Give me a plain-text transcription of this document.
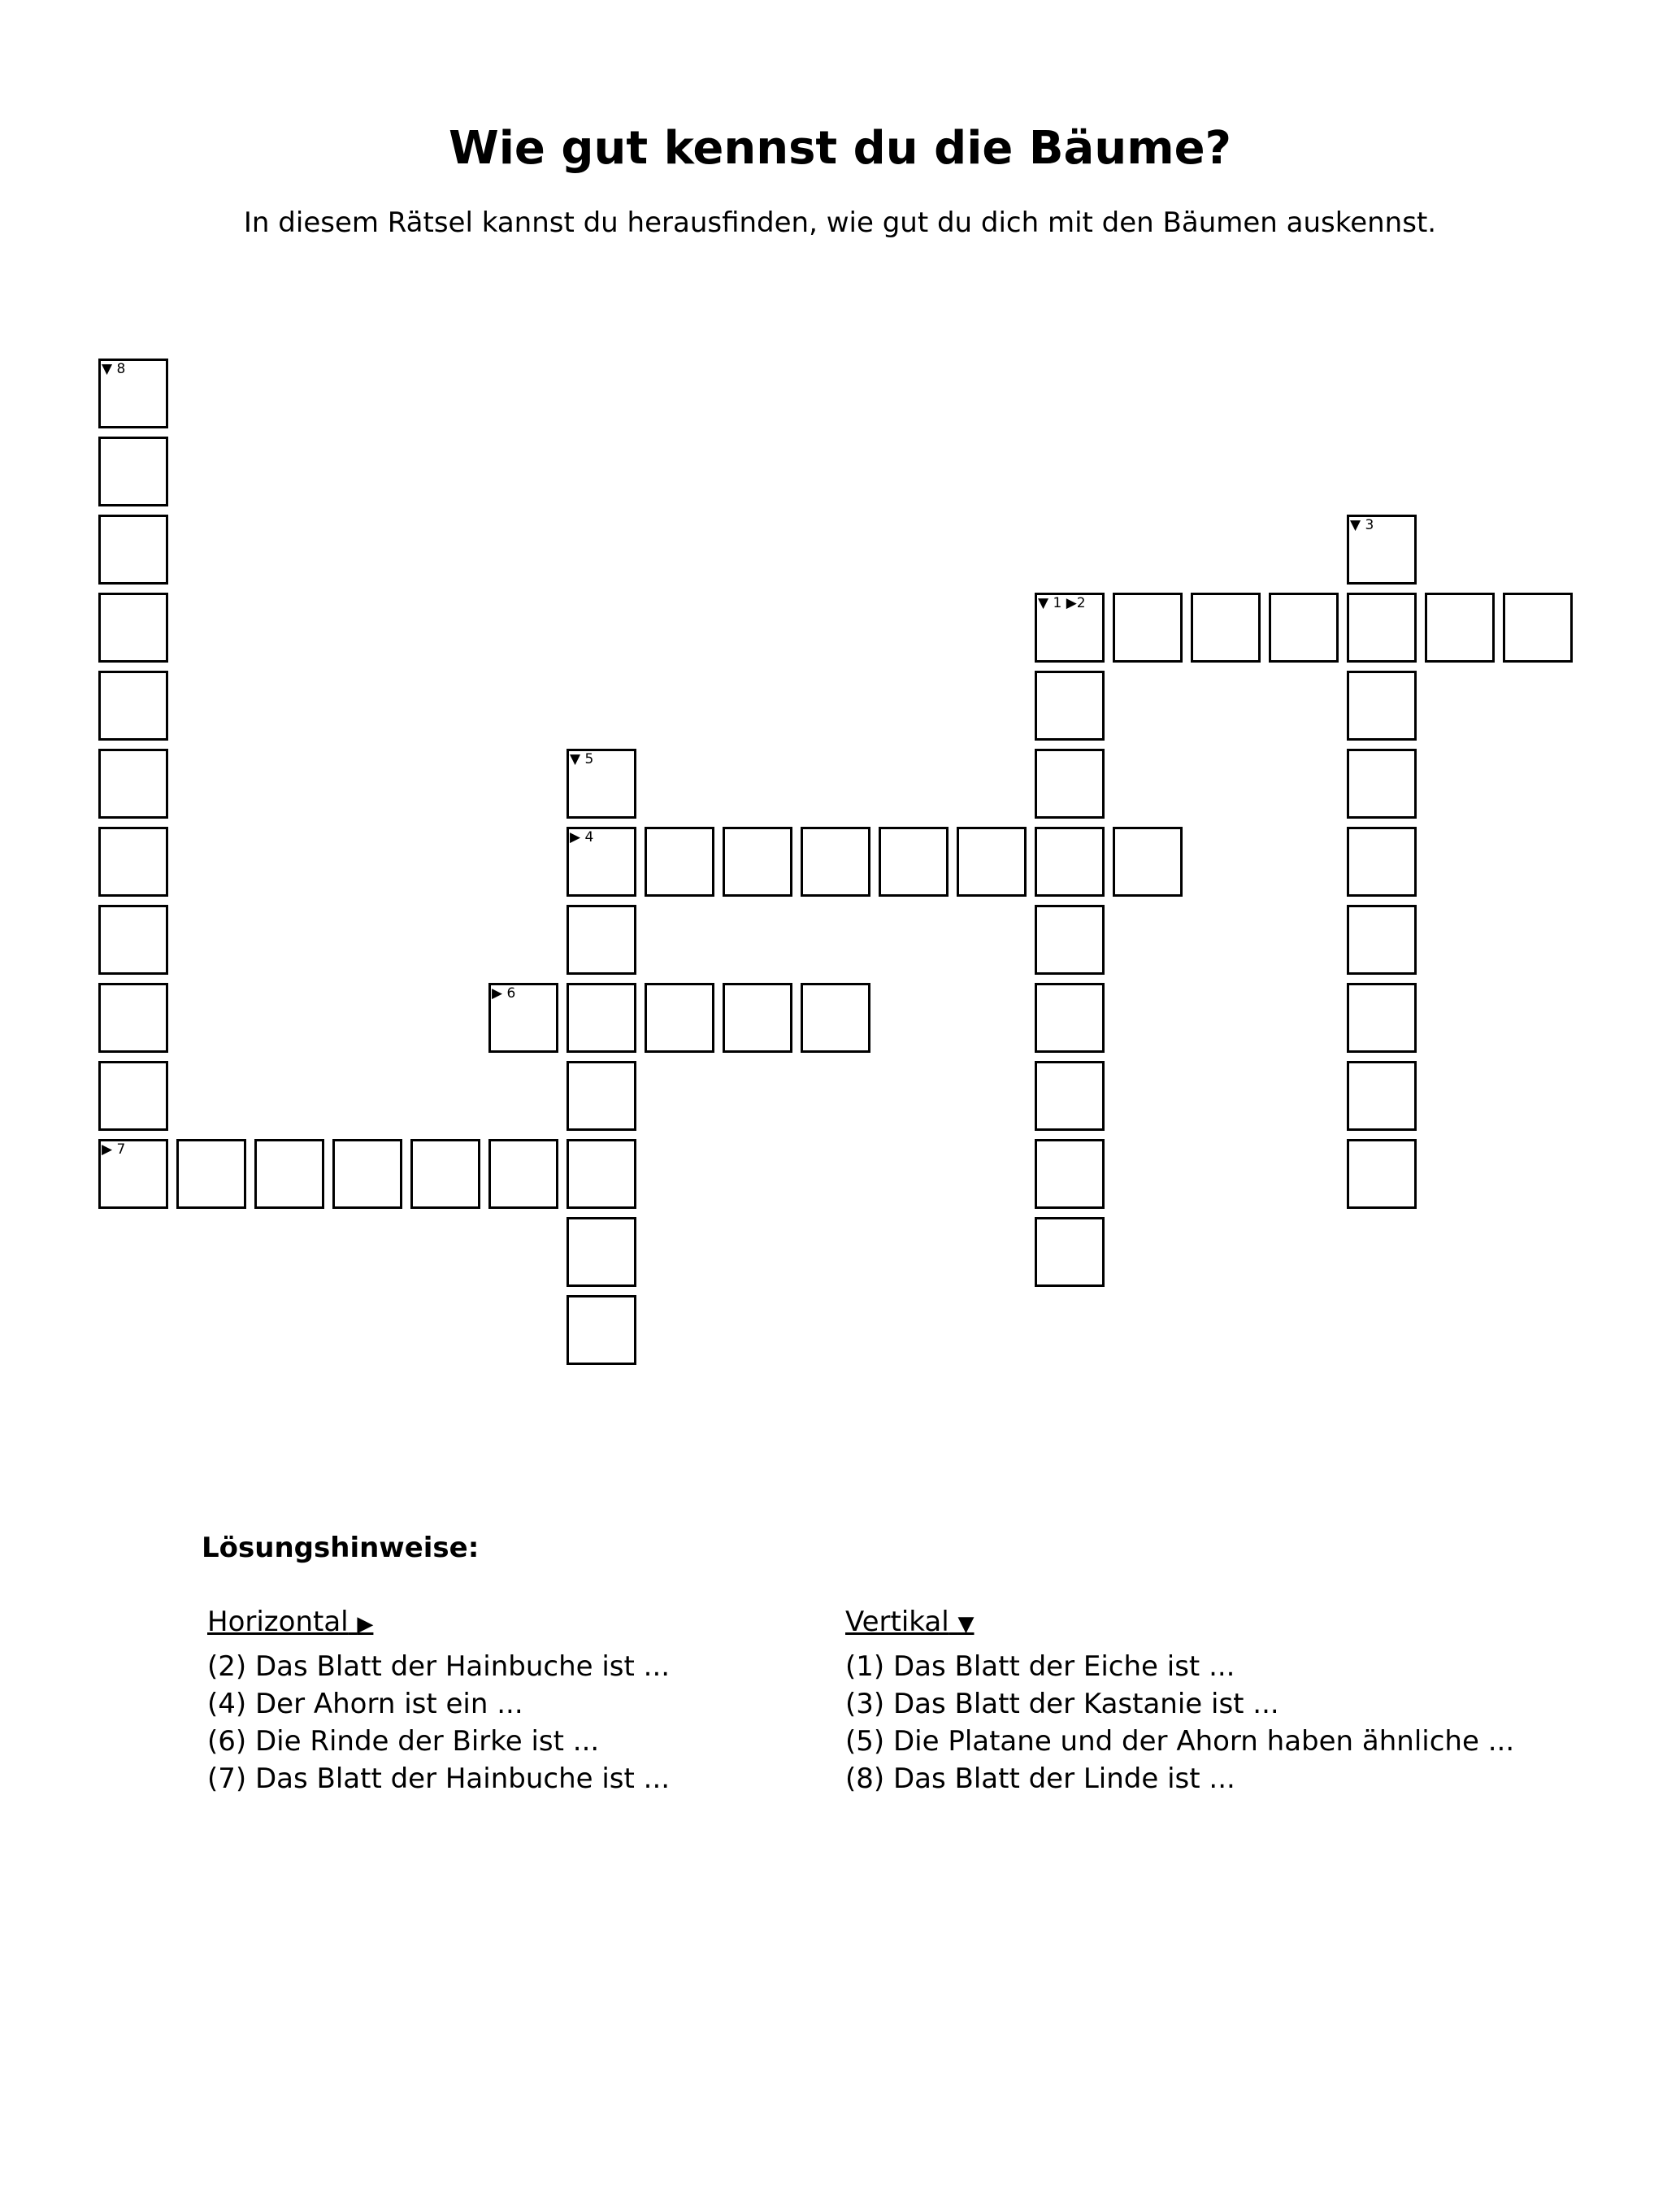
Wie gut kennst du die Bäume?
In diesem Rätsel kannst du herausfinden, wie gut du dich mit den Bäumen auskennst.
▼ 8
▶ 7
▼ 3
▼ 1 ▶2
▼ 5
▶ 4
▶ 6
Lösungshinweise:
Horizontal ▶
(2) Das Blatt der Hainbuche ist ...
(4) Der Ahorn ist ein ...
(6) Die Rinde der Birke ist ...
(7) Das Blatt der Hainbuche ist ...
Vertikal ▼
(1) Das Blatt der Eiche ist ...
(3) Das Blatt der Kastanie ist ...
(5) Die Platane und der Ahorn haben ähnliche ...
(8) Das Blatt der Linde ist ...
